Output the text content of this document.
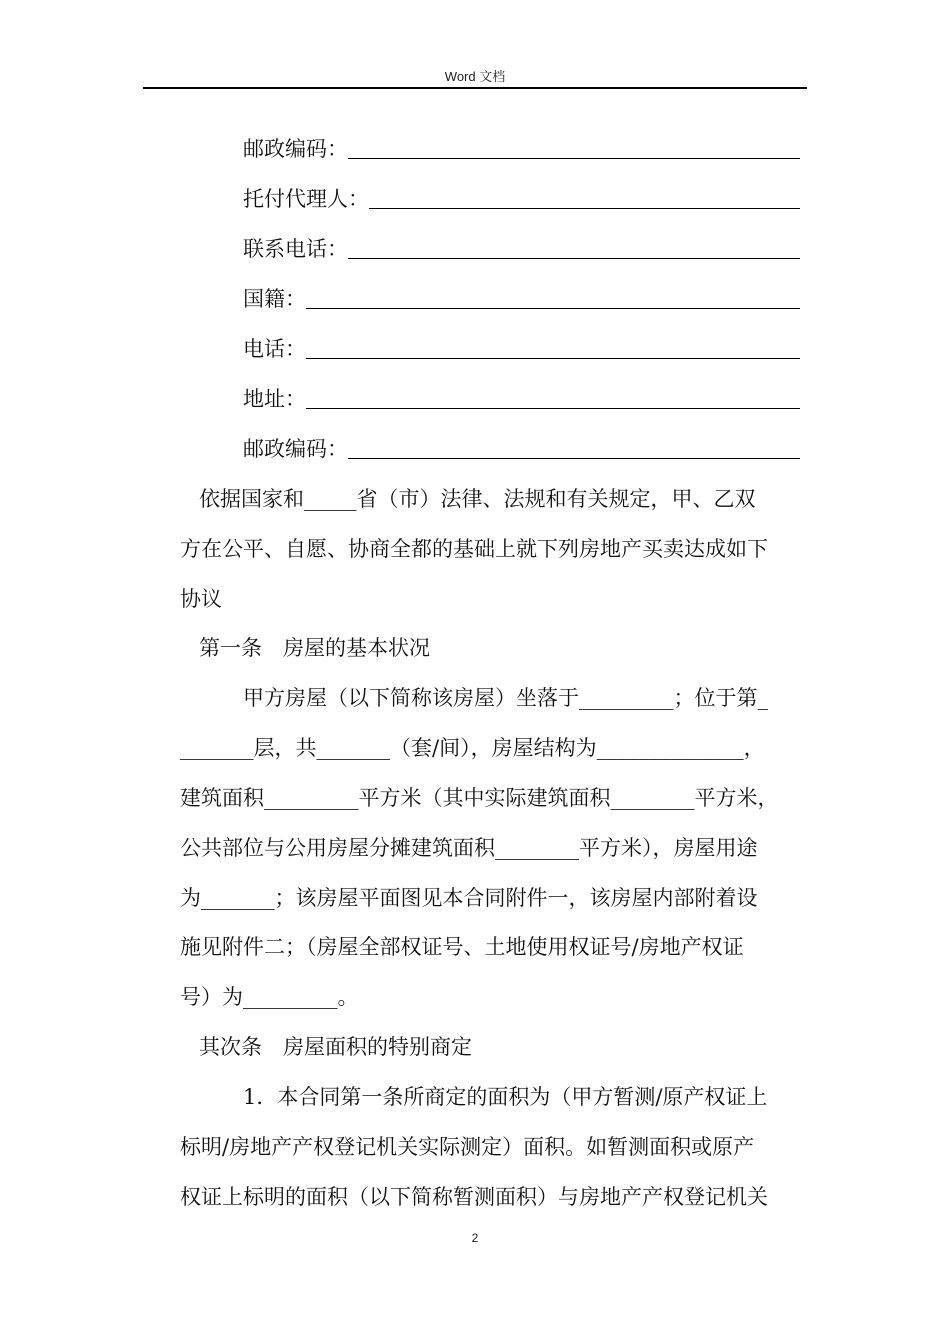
Word 文档
邮政编码：
托付代理人：
联系电话：
国籍：
电话：
地址：
邮政编码：
依据国家和_____省（市）法律、法规和有关规定，甲、乙双
方在公平、自愿、协商全都的基础上就下列房地产买卖达成如下
协议
第一条　房屋的基本状况
甲方房屋（以下简称该房屋）坐落于_________；位于第_
_______层，共_______（套/间），房屋结构为______________，
建筑面积_________平方米（其中实际建筑面积________平方米，
公共部位与公用房屋分摊建筑面积________平方米），房屋用途
为_______；该房屋平面图见本合同附件一，该房屋内部附着设
施见附件二；（房屋全部权证号、土地使用权证号/房地产权证
号）为_________。
其次条　房屋面积的特别商定
1．本合同第一条所商定的面积为（甲方暂测/原产权证上
标明/房地产产权登记机关实际测定）面积。如暂测面积或原产
权证上标明的面积（以下简称暂测面积）与房地产产权登记机关
2
